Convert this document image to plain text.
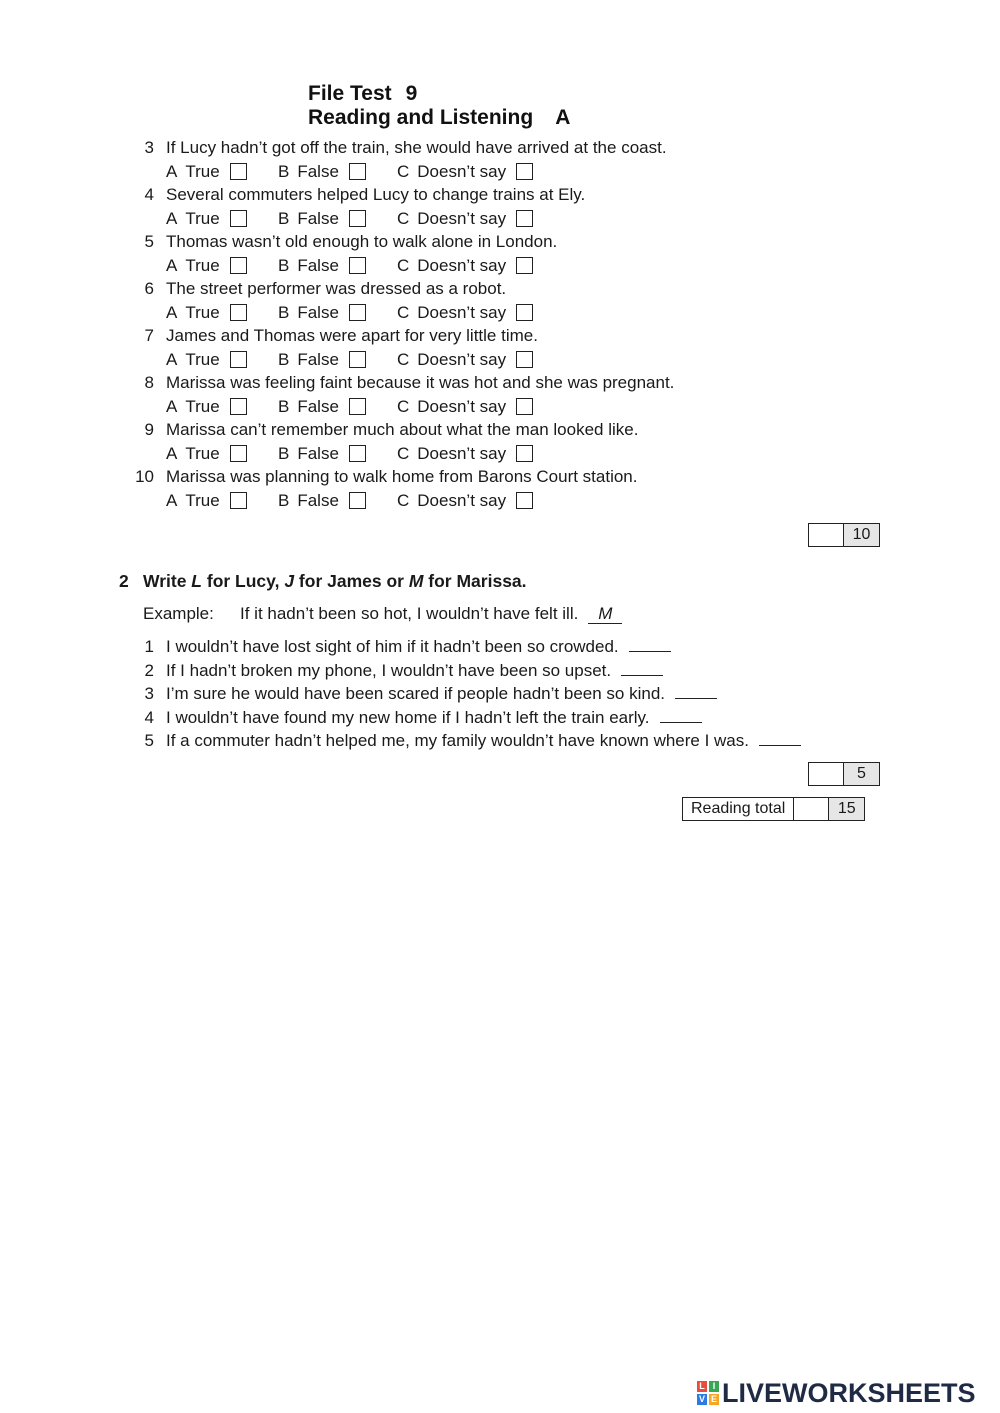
File Test 9
Reading and Listening A
3 If Lucy hadn’t got off the train, she would have arrived at the coast.
A True	B False	C Doesn’t say
4 Several commuters helped Lucy to change trains at Ely.
A True	B False	C Doesn’t say
5 Thomas wasn’t old enough to walk alone in London.
A True	B False	C Doesn’t say
6 The street performer was dressed as a robot.
A True	B False	C Doesn’t say
7 James and Thomas were apart for very little time.
A True	B False	C Doesn’t say
8 Marissa was feeling faint because it was hot and she was pregnant.
A True	B False	C Doesn’t say
9 Marissa can’t remember much about what the man looked like.
A True	B False	C Doesn’t say
10 Marissa was planning to walk home from Barons Court station.
A True	B False	C Doesn’t say
10
2 Write L for Lucy, J for James or M for Marissa.
Example: If it hadn’t been so hot, I wouldn’t have felt ill. M
1 I wouldn’t have lost sight of him if it hadn’t been so crowded.
2 If I hadn’t broken my phone, I wouldn’t have been so upset.
3 I’m sure he would have been scared if people hadn’t been so kind.
4 I wouldn’t have found my new home if I hadn’t left the train early.
5 If a commuter hadn’t helped me, my family wouldn’t have known where I was.
5
Reading total	15
L I
V E LIVEWORKSHEETS
